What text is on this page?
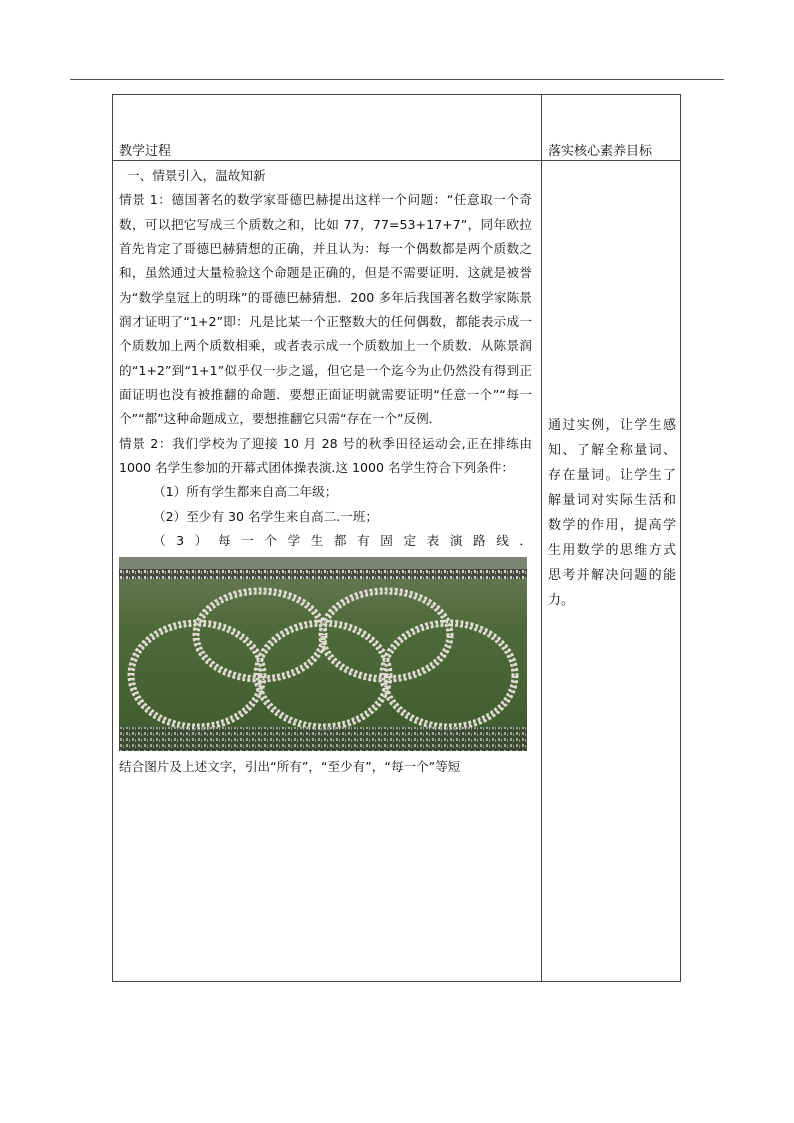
教学过程	落实核心素养目标

一、情景引入，温故知新

情景 1：德国著名的数学家哥德巴赫提出这样一个问题：“任意取一个奇数，可以把它写成三个质数之和，比如 77，77=53+17+7”，同年欧拉首先肯定了哥德巴赫猜想的正确，并且认为：每一个偶数都是两个质数之和，虽然通过大量检验这个命题是正确的，但是不需要证明．这就是被誉为“数学皇冠上的明珠”的哥德巴赫猜想．200 多年后我国著名数学家陈景润才证明了“1+2”即：凡是比某一个正整数大的任何偶数，都能表示成一个质数加上两个质数相乘，或者表示成一个质数加上一个质数．从陈景润的“1+2”到“1+1”似乎仅一步之遥，但它是一个迄今为止仍然没有得到正面证明也没有被推翻的命题．要想正面证明就需要证明“任意一个”“每一个”“都”这种命题成立，要想推翻它只需“存在一个”反例．

情景 2：我们学校为了迎接 10 月 28 号的秋季田径运动会,正在排练由 1000 名学生参加的开幕式团体操表演.这 1000 名学生符合下列条件：

（1）所有学生都来自高二年级；

（2）至少有 30 名学生来自高二.一班；

（3）每一个学生都有固定表演路线．

结合图片及上述文字，引出“所有”，“至少有”，“每一个”等短

通过实例，让学生感知、了解全称量词、存在量词。让学生了解量词对实际生活和数学的作用，提高学生用数学的思维方式思考并解决问题的能力。
